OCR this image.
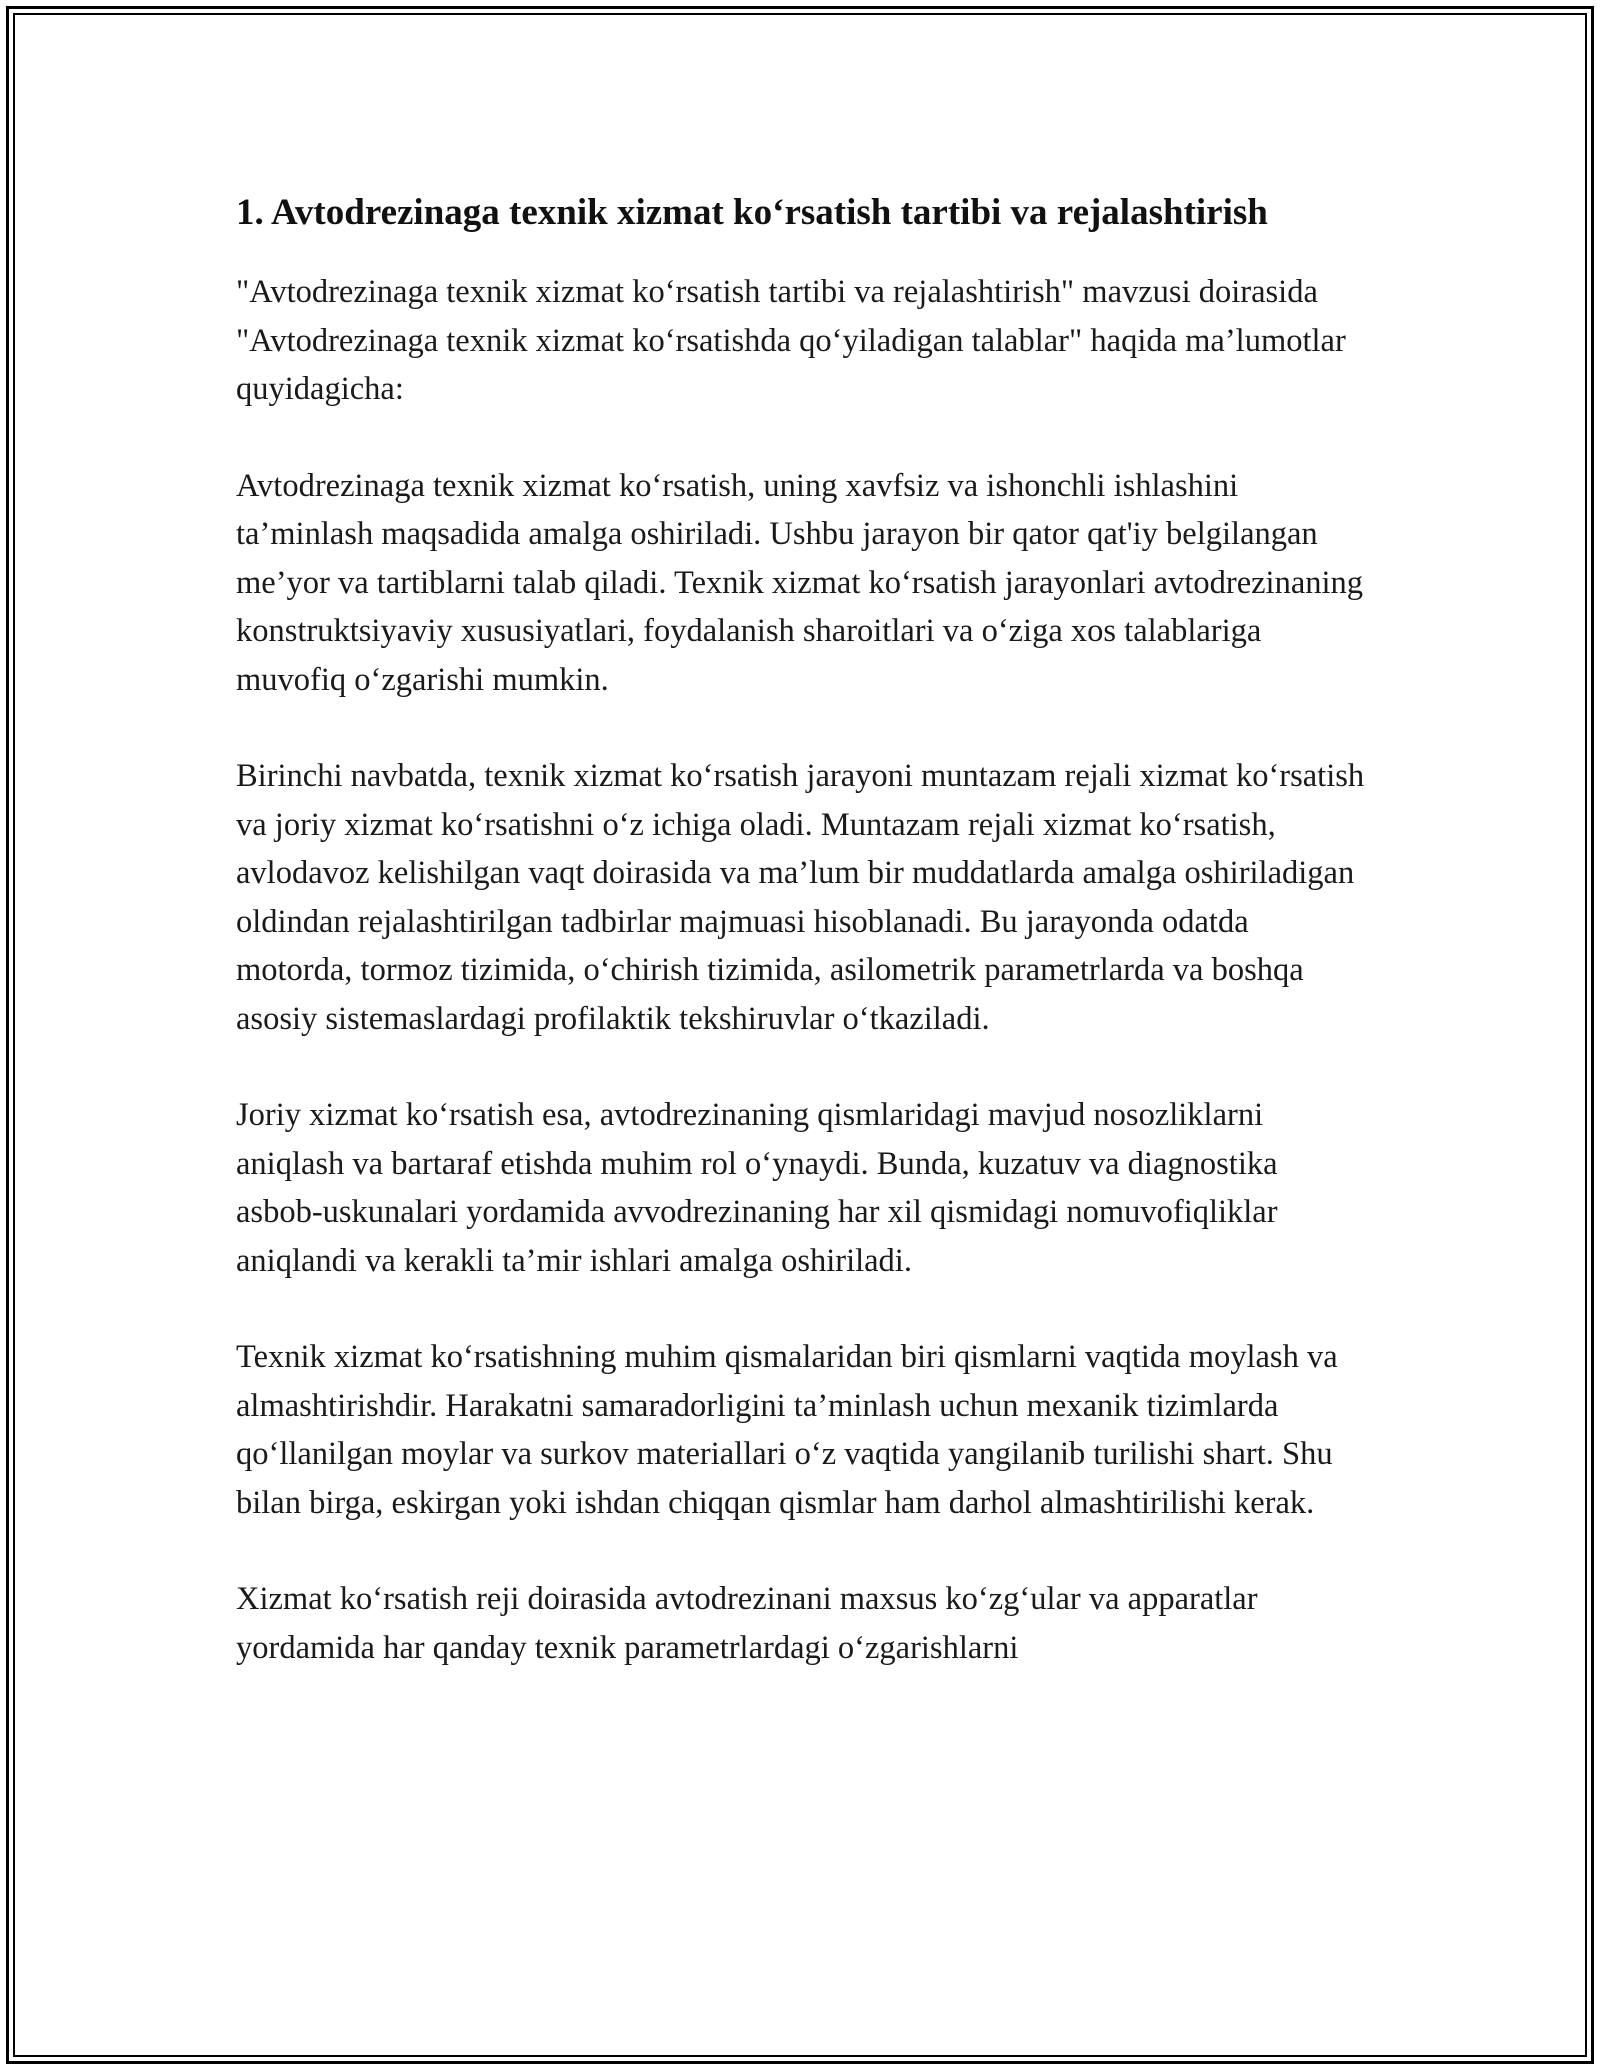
1. Avtodrezinaga texnik xizmat ko‘rsatish tartibi va rejalashtirish

"Avtodrezinaga texnik xizmat ko‘rsatish tartibi va rejalashtirish" mavzusi doirasida "Avtodrezinaga texnik xizmat ko‘rsatishda qo‘yiladigan talablar" haqida ma’lumotlar quyidagicha:

Avtodrezinaga texnik xizmat ko‘rsatish, uning xavfsiz va ishonchli ishlashini ta’minlash maqsadida amalga oshiriladi. Ushbu jarayon bir qator qat'iy belgilangan me’yor va tartiblarni talab qiladi. Texnik xizmat ko‘rsatish jarayonlari avtodrezinaning konstruktsiyaviy xususiyatlari, foydalanish sharoitlari va o‘ziga xos talablariga muvofiq o‘zgarishi mumkin.

Birinchi navbatda, texnik xizmat ko‘rsatish jarayoni muntazam rejali xizmat ko‘rsatish va joriy xizmat ko‘rsatishni o‘z ichiga oladi. Muntazam rejali xizmat ko‘rsatish, avlodavoz kelishilgan vaqt doirasida va ma’lum bir muddatlarda amalga oshiriladigan oldindan rejalashtirilgan tadbirlar majmuasi hisoblanadi. Bu jarayonda odatda motorda, tormoz tizimida, o‘chirish tizimida, asilometrik parametrlarda va boshqa asosiy sistemaslardagi profilaktik tekshiruvlar o‘tkaziladi.

Joriy xizmat ko‘rsatish esa, avtodrezinaning qismlaridagi mavjud nosozliklarni aniqlash va bartaraf etishda muhim rol o‘ynaydi. Bunda, kuzatuv va diagnostika asbob-uskunalari yordamida avvodrezinaning har xil qismidagi nomuvofiqliklar aniqlandi va kerakli ta’mir ishlari amalga oshiriladi.

Texnik xizmat ko‘rsatishning muhim qismalaridan biri qismlarni vaqtida moylash va almashtirishdir. Harakatni samaradorligini ta’minlash uchun mexanik tizimlarda qo‘llanilgan moylar va surkov materiallari o‘z vaqtida yangilanib turilishi shart. Shu bilan birga, eskirgan yoki ishdan chiqqan qismlar ham darhol almashtirilishi kerak.

Xizmat ko‘rsatish reji doirasida avtodrezinani maxsus ko‘zg‘ular va apparatlar yordamida har qanday texnik parametrlardagi o‘zgarishlarni
